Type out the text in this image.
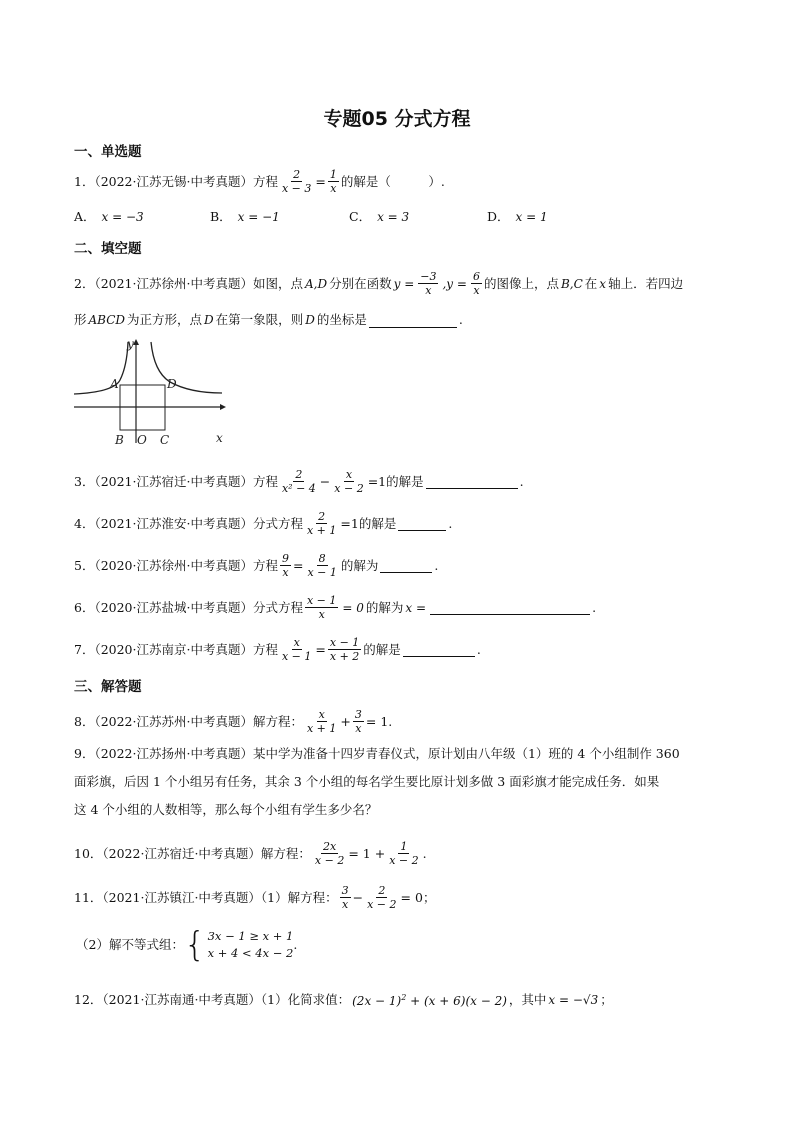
专题05 分式方程
一、单选题
1．（2022·江苏无锡·中考真题）方程 $\frac{2}{x - 3} = \frac{1}{x}$ 的解是（　　　）.
A． x = −3	B． x = −1	C． x = 3	D． x = 1
二、填空题
2．（2021·江苏徐州·中考真题）如图，点 A,D 分别在函数 $y = \frac{-3}{x} ,y = \frac{6}{x}$ 的图像上，点 B,C 在 x 轴上．若四边
形 ABCD 为正方形，点 D 在第一象限，则 D 的坐标是	.
y
x
A	D
B O C
3．（2021·江苏宿迁·中考真题）方程 $\frac{2}{\text{x² − 4}} - \frac{x}{x - 2} =1$ 的解是	.
4．（2021·江苏淮安·中考真题）分式方程 $\frac{2}{x + 1} =1$ 的解是	.
5．（2020·江苏徐州·中考真题）方程 $\frac{9}{x} = \frac{8}{x - 1}$ 的解为	.
6．（2020·江苏盐城·中考真题）分式方程 $\frac{x - 1}{x} = 0$ 的解为 x =	.
7．（2020·江苏南京·中考真题）方程 $\frac{x}{x - 1} = \frac{x - 1}{x + 2}$ 的解是	.
三、解答题
8．（2022·江苏苏州·中考真题）解方程： $\frac{x}{x + 1} + \frac{3}{x} = 1$ .
9．（2022·江苏扬州·中考真题）某中学为准备十四岁青春仪式，原计划由八年级（1）班的 4 个小组制作 360
面彩旗，后因 1 个小组另有任务，其余 3 个小组的每名学生要比原计划多做 3 面彩旗才能完成任务．如果
这 4 个小组的人数相等，那么每个小组有学生多少名？
10．（2022·江苏宿迁·中考真题）解方程： $\frac{2x}{x - 2} = 1 + \frac{1}{x - 2}$ .
11．（2021·江苏镇江·中考真题）（1）解方程： $\frac{3}{x} - \frac{2}{x - 2} = 0$ ；
（2）解不等式组： { 3x − 1 ≥ x + 1
x + 4 < 4x − 2
.
12．（2021·江苏南通·中考真题）（1）化简求值： $(2x - 1)^2 + (x + 6)(x - 2)$ ，其中 x = −√3 ；
